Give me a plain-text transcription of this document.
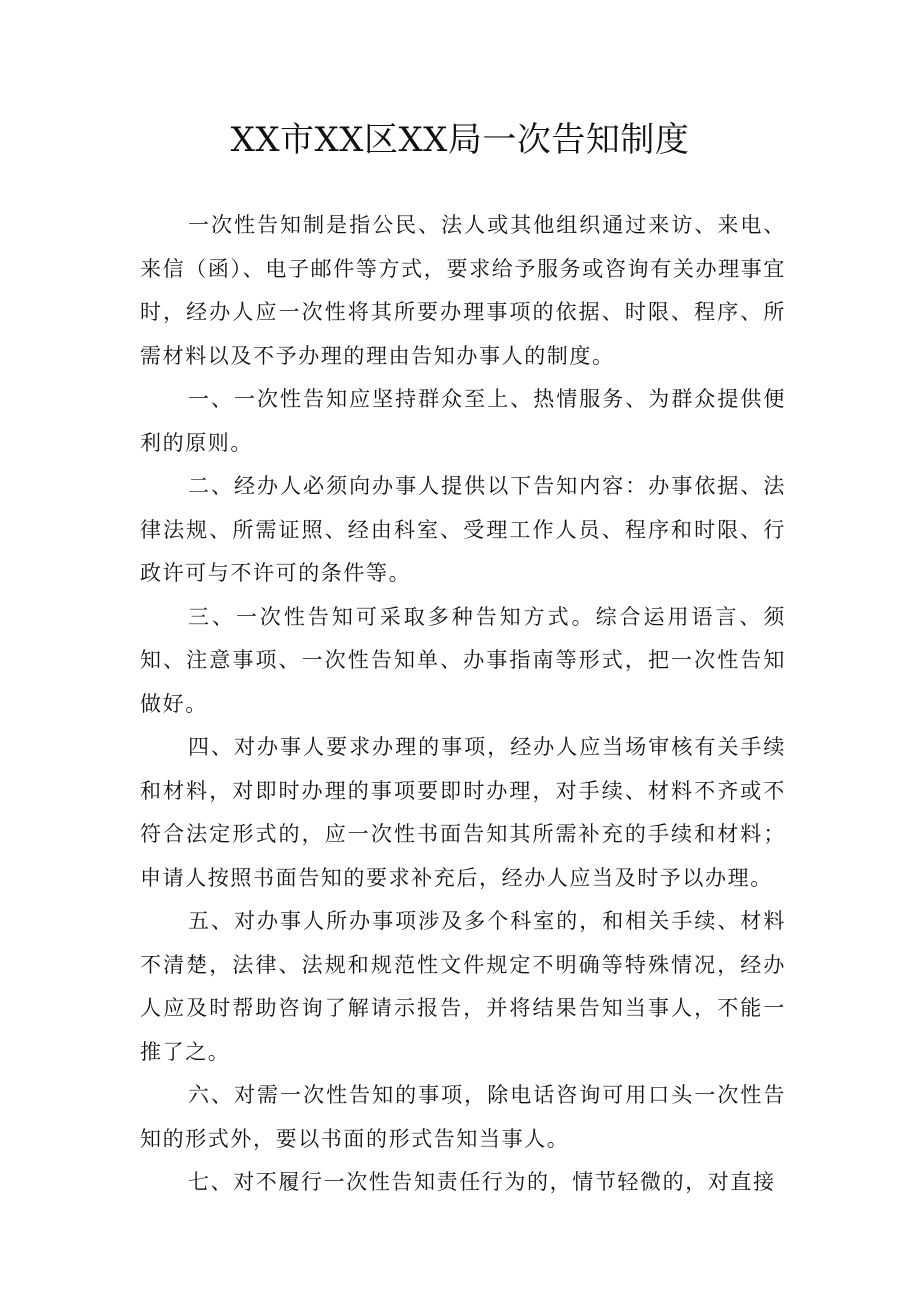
XX市XX区XX局一次告知制度

一次性告知制是指公民、法人或其他组织通过来访、来电、来信（函）、电子邮件等方式，要求给予服务或咨询有关办理事宜时，经办人应一次性将其所要办理事项的依据、时限、程序、所需材料以及不予办理的理由告知办事人的制度。

一、一次性告知应坚持群众至上、热情服务、为群众提供便利的原则。

二、经办人必须向办事人提供以下告知内容：办事依据、法律法规、所需证照、经由科室、受理工作人员、程序和时限、行政许可与不许可的条件等。

三、一次性告知可采取多种告知方式。综合运用语言、须知、注意事项、一次性告知单、办事指南等形式，把一次性告知做好。

四、对办事人要求办理的事项，经办人应当场审核有关手续和材料，对即时办理的事项要即时办理，对手续、材料不齐或不符合法定形式的，应一次性书面告知其所需补充的手续和材料；申请人按照书面告知的要求补充后，经办人应当及时予以办理。

五、对办事人所办事项涉及多个科室的，和相关手续、材料不清楚，法律、法规和规范性文件规定不明确等特殊情况，经办人应及时帮助咨询了解请示报告，并将结果告知当事人，不能一推了之。

六、对需一次性告知的事项，除电话咨询可用口头一次性告知的形式外，要以书面的形式告知当事人。

七、对不履行一次性告知责任行为的，情节轻微的，对直接
